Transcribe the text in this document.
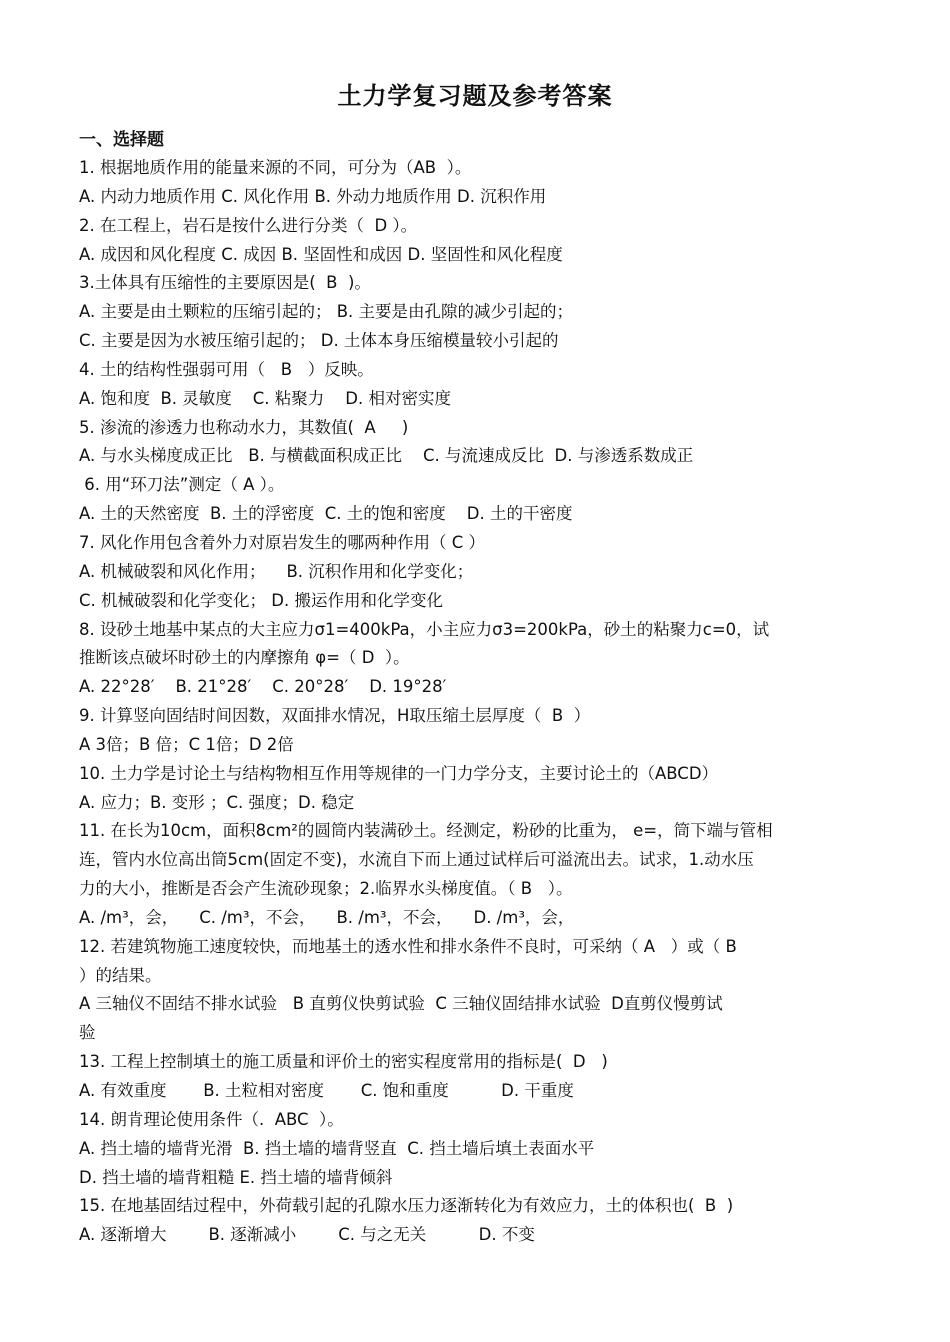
土力学复习题及参考答案
一、选择题
1. 根据地质作用的能量来源的不同，可分为（AB  ）。
A. 内动力地质作用 C. 风化作用 B. 外动力地质作用 D. 沉积作用
2. 在工程上，岩石是按什么进行分类（  D ）。
A. 成因和风化程度 C. 成因 B. 坚固性和成因 D. 坚固性和风化程度
3.土体具有压缩性的主要原因是(  B  )。
A. 主要是由土颗粒的压缩引起的； B. 主要是由孔隙的减少引起的；
C. 主要是因为水被压缩引起的； D. 土体本身压缩模量较小引起的
4. 土的结构性强弱可用（   B   ）反映。
A. 饱和度  B. 灵敏度    C. 粘聚力    D. 相对密实度
5. 渗流的渗透力也称动水力，其数值(  A     )
A. 与水头梯度成正比   B. 与横截面积成正比    C. 与流速成反比  D. 与渗透系数成正
6. 用“环刀法”测定（ A ）。
A. 土的天然密度  B. 土的浮密度  C. 土的饱和密度    D. 土的干密度
7. 风化作用包含着外力对原岩发生的哪两种作用（ C ）
A. 机械破裂和风化作用；    B. 沉积作用和化学变化；
C. 机械破裂和化学变化； D. 搬运作用和化学变化
8. 设砂土地基中某点的大主应力σ1=400kPa，小主应力σ3=200kPa，砂土的粘聚力c=0，试
推断该点破坏时砂土的内摩擦角 φ=（ D  ）。
A. 22°28′    B. 21°28′    C. 20°28′    D. 19°28′
9. 计算竖向固结时间因数，双面排水情况，H取压缩土层厚度（  B  ）
A 3倍；B 倍；C 1倍；D 2倍
10. 土力学是讨论土与结构物相互作用等规律的一门力学分支，主要讨论土的（ABCD）
A. 应力；B. 变形 ；C. 强度；D. 稳定
11. 在长为10cm，面积8cm²的圆筒内装满砂土。经测定，粉砂的比重为， e=，筒下端与管相
连，管内水位高出筒5cm(固定不变)，水流自下而上通过试样后可溢流出去。试求，1.动水压
力的大小，推断是否会产生流砂现象；2.临界水头梯度值。（ B   ）。
A. /m³，会，    C. /m³，不会，    B. /m³，不会，    D. /m³，会，
12. 若建筑物施工速度较快，而地基土的透水性和排水条件不良时，可采纳（ A   ）或（ B
）的结果。
A 三轴仪不固结不排水试验   B 直剪仪快剪试验  C 三轴仪固结排水试验  D直剪仪慢剪试
验
13. 工程上控制填土的施工质量和评价土的密实程度常用的指标是(  D   )
A. 有效重度       B. 土粒相对密度       C. 饱和重度          D. 干重度
14. 朗肯理论使用条件（.  ABC  ）。
A. 挡土墙的墙背光滑  B. 挡土墙的墙背竖直  C. 挡土墙后填土表面水平
D. 挡土墙的墙背粗糙 E. 挡土墙的墙背倾斜
15. 在地基固结过程中，外荷载引起的孔隙水压力逐渐转化为有效应力，土的体积也(  B  )
A. 逐渐增大        B. 逐渐减小        C. 与之无关          D. 不变
